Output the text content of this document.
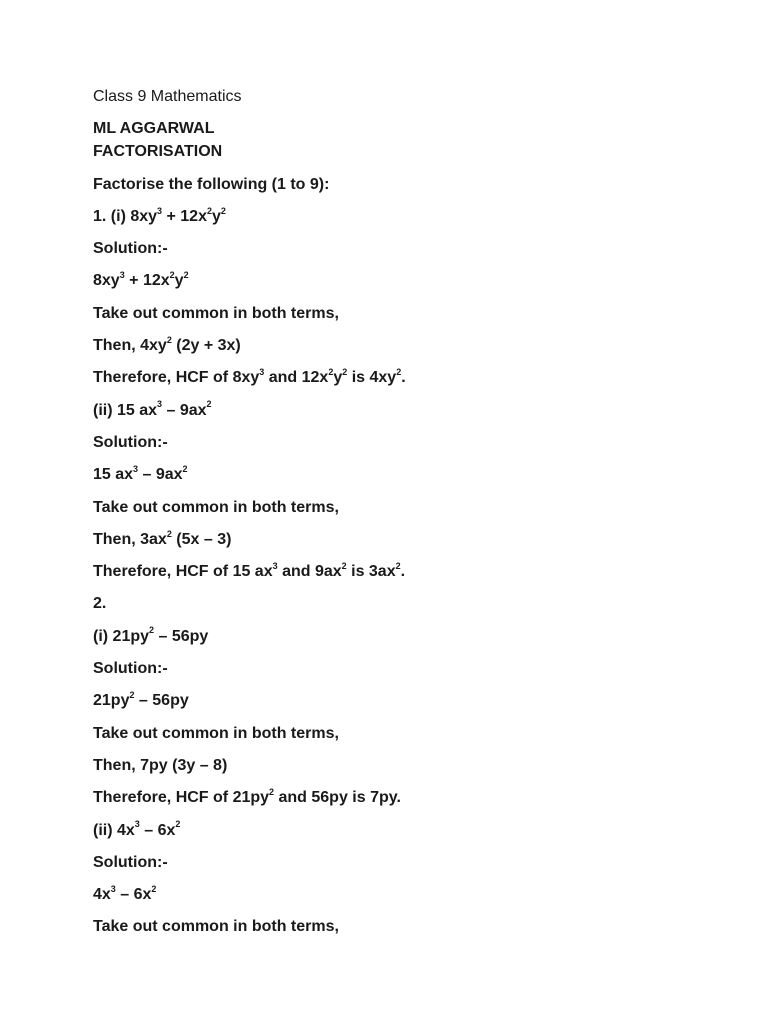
Class 9 Mathematics
ML AGGARWAL
FACTORISATION
Factorise the following (1 to 9):
1. (i) $8xy^3 + 12x^2y^2$
Solution:-
$8xy^3 + 12x^2y^2$
Take out common in both terms,
Then, $4xy^2$ (2y + 3x)
Therefore, HCF of $8xy^3$ and $12x^2y^2$ is $4xy^2$.
(ii) 15 $ax^3 - 9ax^2$
Solution:-
15 $ax^3 - 9ax^2$
Take out common in both terms,
Then, $3ax^2$ (5x – 3)
Therefore, HCF of 15 $ax^3$ and $9ax^2$ is $3ax^2$.
2.
(i) $21py^2 - 56py$
Solution:-
$21py^2 - 56py$
Take out common in both terms,
Then, 7py (3y – 8)
Therefore, HCF of $21py^2$ and 56py is 7py.
(ii) $4x^3 - 6x^2$
Solution:-
$4x^3 - 6x^2$
Take out common in both terms,
